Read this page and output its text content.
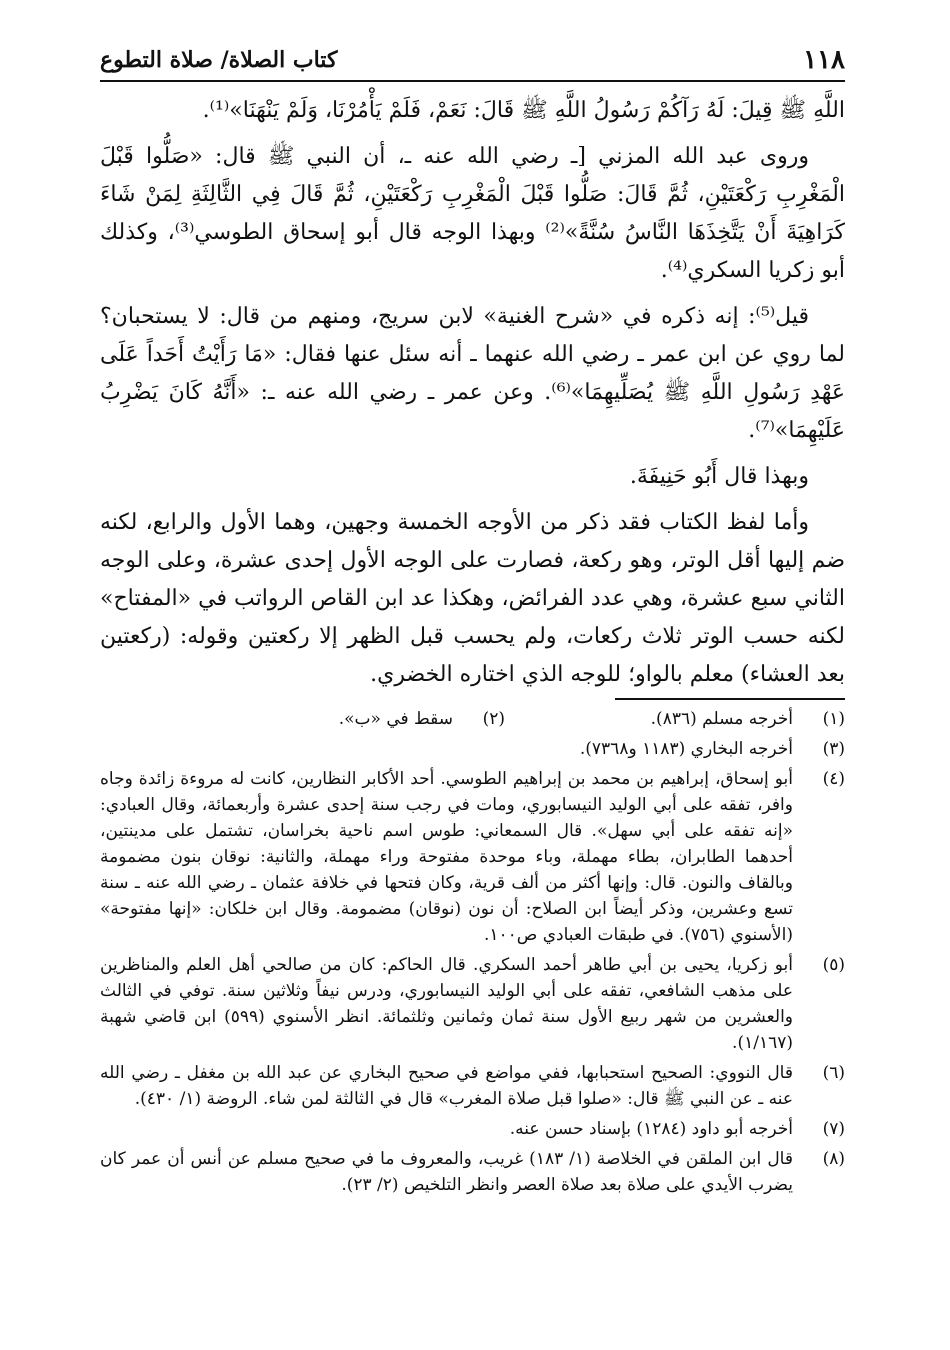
١١٨
كتاب الصلاة/ صلاة التطوع

اللَّهِ ﷺ قِيلَ: لَهُ رَآكُمْ رَسُولُ اللَّهِ ﷺ قَالَ: نَعَمْ، فَلَمْ يَأْمُرْنَا، وَلَمْ يَنْهَنَا»⁽¹⁾.

وروى عبد الله المزني [ـ رضي الله عنه ـ، أن النبي ﷺ قال: «صَلُّوا قَبْلَ الْمَغْرِبِ رَكْعَتَيْنِ، ثُمَّ قَالَ: صَلُّوا قَبْلَ الْمَغْرِبِ رَكْعَتَيْنِ، ثُمَّ قَالَ فِي الثَّالِثَةِ لِمَنْ شَاءَ كَرَاهِيَةَ أَنْ يَتَّخِذَهَا النَّاسُ سُنَّةً»⁽²⁾ وبهذا الوجه قال أبو إسحاق الطوسي⁽³⁾، وكذلك أبو زكريا السكري⁽⁴⁾.

قيل⁽⁵⁾: إنه ذكره في «شرح الغنية» لابن سريج، ومنهم من قال: لا يستحبان؟ لما روي عن ابن عمر ـ رضي الله عنهما ـ أنه سئل عنها فقال: «مَا رَأَيْتُ أَحَداً عَلَى عَهْدِ رَسُولِ اللَّهِ ﷺ يُصَلِّيهِمَا»⁽⁶⁾. وعن عمر ـ رضي الله عنه ـ: «أَنَّهُ كَانَ يَضْرِبُ عَلَيْهِمَا»⁽⁷⁾.

وبهذا قال أَبُو حَنِيفَةَ.

وأما لفظ الكتاب فقد ذكر من الأوجه الخمسة وجهين، وهما الأول والرابع، لكنه ضم إليها أقل الوتر، وهو ركعة، فصارت على الوجه الأول إحدى عشرة، وعلى الوجه الثاني سبع عشرة، وهي عدد الفرائض، وهكذا عد ابن القاص الرواتب في «المفتاح» لكنه حسب الوتر ثلاث ركعات، ولم يحسب قبل الظهر إلا ركعتين وقوله: (ركعتين بعد العشاء) معلم بالواو؛ للوجه الذي اختاره الخضري.

(١)
أخرجه مسلم (٨٣٦).
(٢)
سقط في «ب».
(٣)
أخرجه البخاري (١١٨٣ و٧٣٦٨).
(٤)
أبو إسحاق، إبراهيم بن محمد بن إبراهيم الطوسي. أحد الأكابر النظارين، كانت له مروءة زائدة وجاه وافر، تفقه على أبي الوليد النيسابوري، ومات في رجب سنة إحدى عشرة وأربعمائة، وقال العبادي: «إنه تفقه على أبي سهل». قال السمعاني: طوس اسم ناحية بخراسان، تشتمل على مدينتين، أحدهما الطابران، بطاء مهملة، وباء موحدة مفتوحة وراء مهملة، والثانية: نوقان بنون مضمومة وبالقاف والنون. قال: وإنها أكثر من ألف قرية، وكان فتحها في خلافة عثمان ـ رضي الله عنه ـ سنة تسع وعشرين، وذكر أيضاً ابن الصلاح: أن نون (نوقان) مضمومة. وقال ابن خلكان: «إنها مفتوحة» (الأسنوي (٧٥٦). في طبقات العبادي ص١٠٠.
(٥)
أبو زكريا، يحيى بن أبي طاهر أحمد السكري. قال الحاكم: كان من صالحي أهل العلم والمناظرين على مذهب الشافعي، تفقه على أبي الوليد النيسابوري، ودرس نيفاً وثلاثين سنة. توفي في الثالث والعشرين من شهر ربيع الأول سنة ثمان وثمانين وثلثمائة. انظر الأسنوي (٥٩٩) ابن قاضي شهبة (١/١٦٧).
(٦)
قال النووي: الصحيح استحبابها، ففي مواضع في صحيح البخاري عن عبد الله بن مغفل ـ رضي الله عنه ـ عن النبي ﷺ قال: «صلوا قبل صلاة المغرب» قال في الثالثة لمن شاء. الروضة (١/ ٤٣٠).
(٧)
أخرجه أبو داود (١٢٨٤) بإسناد حسن عنه.
(٨)
قال ابن الملقن في الخلاصة (١/ ١٨٣) غريب، والمعروف ما في صحيح مسلم عن أنس أن عمر كان يضرب الأيدي على صلاة بعد صلاة العصر وانظر التلخيص (٢/ ٢٣).
